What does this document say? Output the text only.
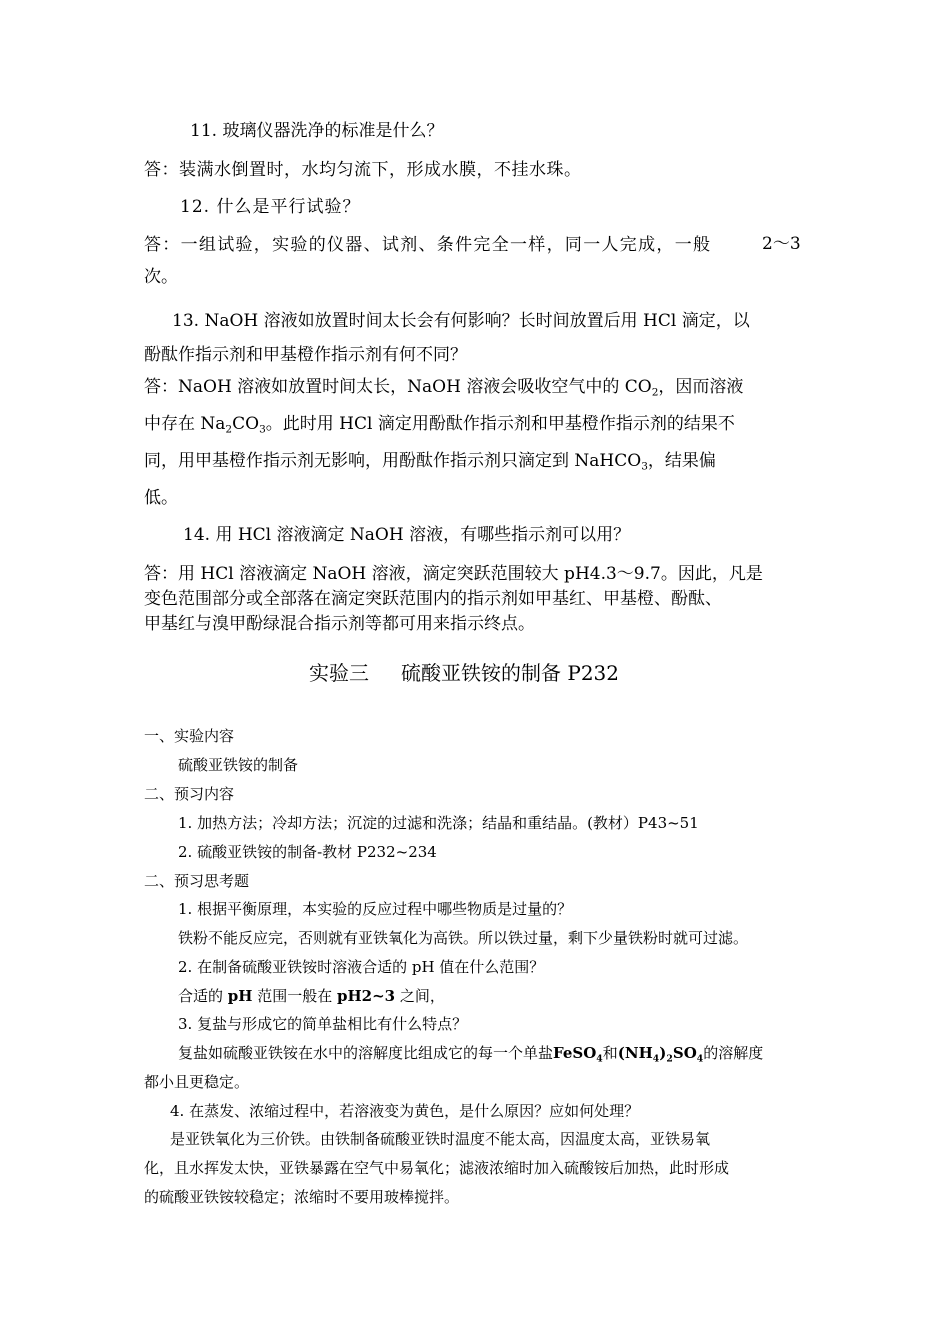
11. 玻璃仪器洗净的标准是什么？
答：装满水倒置时，水均匀流下，形成水膜，不挂水珠。
12. 什么是平行试验？
答：一组试验，实验的仪器、试剂、条件完全一样，同一人完成，一般	2～3
次。
13. NaOH 溶液如放置时间太长会有何影响？长时间放置后用 HCl 滴定，以
酚酞作指示剂和甲基橙作指示剂有何不同？
答：NaOH 溶液如放置时间太长，NaOH 溶液会吸收空气中的 $CO_2$，因而溶液
中存在 $Na_2CO_3$。此时用 HCl 滴定用酚酞作指示剂和甲基橙作指示剂的结果不
同，用甲基橙作指示剂无影响，用酚酞作指示剂只滴定到 NaHCO$_3$，结果偏
低。
14. 用 HCl 溶液滴定 NaOH 溶液，有哪些指示剂可以用？
答：用 HCl 溶液滴定 NaOH 溶液，滴定突跃范围较大 pH4.3～9.7。因此，凡是
变色范围部分或全部落在滴定突跃范围内的指示剂如甲基红、甲基橙、酚酞、
甲基红与溴甲酚绿混合指示剂等都可用来指示终点。
实验三 硫酸亚铁铵的制备 P232
一、实验内容
硫酸亚铁铵的制备
二、预习内容
1. 加热方法；冷却方法；沉淀的过滤和洗涤；结晶和重结晶。(教材）P43~51
2. 硫酸亚铁铵的制备-教材 P232~234
二、预习思考题
1. 根据平衡原理，本实验的反应过程中哪些物质是过量的？
铁粉不能反应完，否则就有亚铁氧化为高铁。所以铁过量，剩下少量铁粉时就可过滤。
2. 在制备硫酸亚铁铵时溶液合适的 pH 值在什么范围？
合适的 pH 范围一般在 pH2~3 之间，
3. 复盐与形成它的简单盐相比有什么特点？
复盐如硫酸亚铁铵在水中的溶解度比组成它的每一个单盐FeSO$_4$和$(NH_4)_2SO_4$的溶解度
都小且更稳定。
4. 在蒸发、浓缩过程中，若溶液变为黄色，是什么原因？应如何处理？
是亚铁氧化为三价铁。由铁制备硫酸亚铁时温度不能太高，因温度太高，亚铁易氧
化，且水挥发太快，亚铁暴露在空气中易氧化；滤液浓缩时加入硫酸铵后加热，此时形成
的硫酸亚铁铵较稳定；浓缩时不要用玻棒搅拌。
